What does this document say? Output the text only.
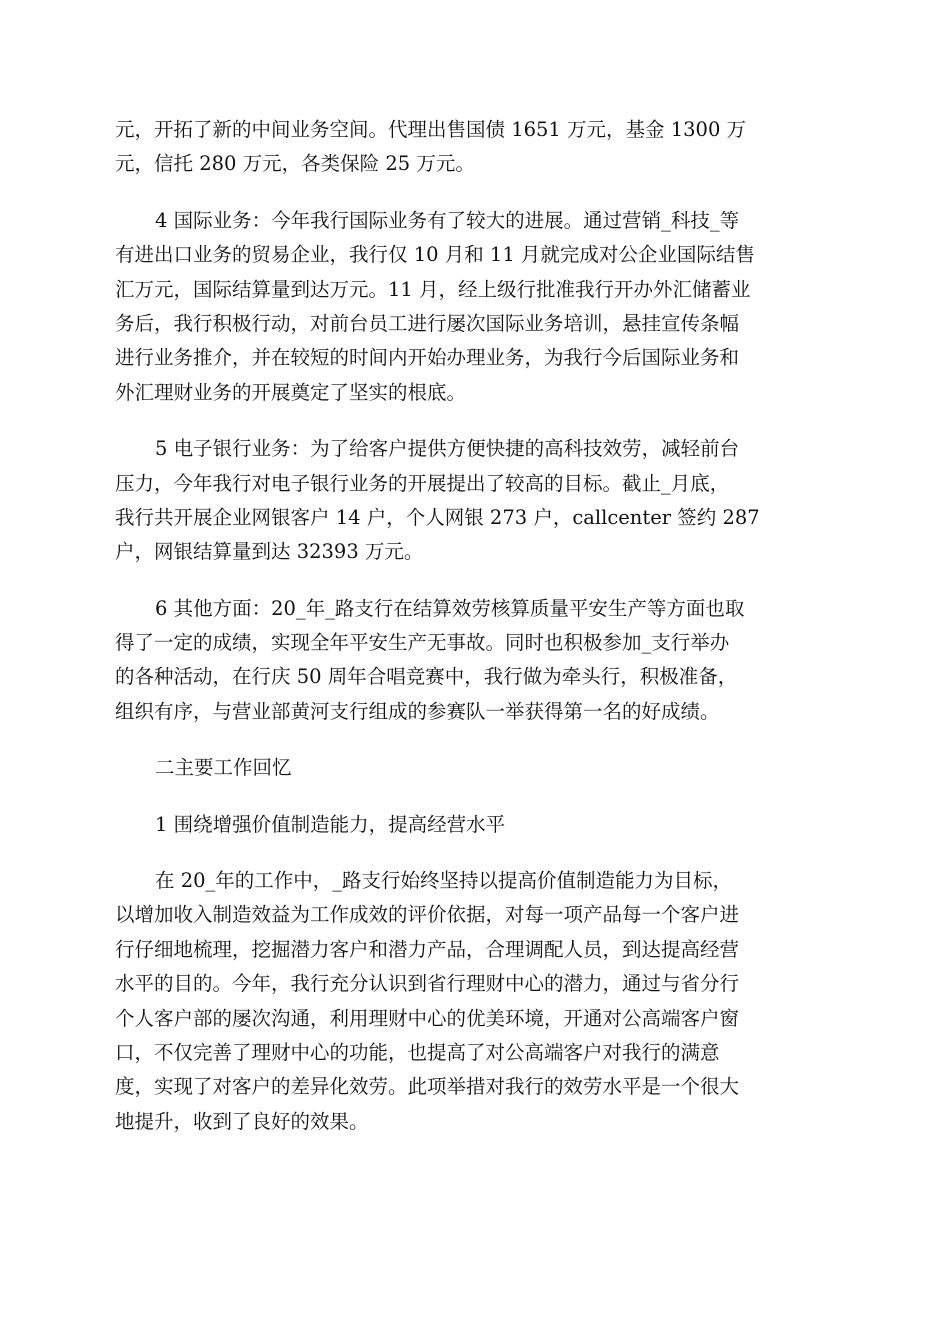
元，开拓了新的中间业务空间。代理出售国债 1651 万元，基金 1300 万
元，信托 280 万元，各类保险 25 万元。
4 国际业务：今年我行国际业务有了较大的进展。通过营销_科技_等
有进出口业务的贸易企业，我行仅 10 月和 11 月就完成对公企业国际结售
汇万元，国际结算量到达万元。11 月，经上级行批准我行开办外汇储蓄业
务后，我行积极行动，对前台员工进行屡次国际业务培训，悬挂宣传条幅
进行业务推介，并在较短的时间内开始办理业务，为我行今后国际业务和
外汇理财业务的开展奠定了坚实的根底。
5 电子银行业务：为了给客户提供方便快捷的高科技效劳，减轻前台
压力，今年我行对电子银行业务的开展提出了较高的目标。截止_月底，
我行共开展企业网银客户 14 户，个人网银 273 户，callcenter 签约 287
户，网银结算量到达 32393 万元。
6 其他方面：20_年_路支行在结算效劳核算质量平安生产等方面也取
得了一定的成绩，实现全年平安生产无事故。同时也积极参加_支行举办
的各种活动，在行庆 50 周年合唱竞赛中，我行做为牵头行，积极准备，
组织有序，与营业部黄河支行组成的参赛队一举获得第一名的好成绩。
二主要工作回忆
1 围绕增强价值制造能力，提高经营水平
在 20_年的工作中，_路支行始终坚持以提高价值制造能力为目标，
以增加收入制造效益为工作成效的评价依据，对每一项产品每一个客户进
行仔细地梳理，挖掘潜力客户和潜力产品，合理调配人员，到达提高经营
水平的目的。今年，我行充分认识到省行理财中心的潜力，通过与省分行
个人客户部的屡次沟通，利用理财中心的优美环境，开通对公高端客户窗
口，不仅完善了理财中心的功能，也提高了对公高端客户对我行的满意
度，实现了对客户的差异化效劳。此项举措对我行的效劳水平是一个很大
地提升，收到了良好的效果。
